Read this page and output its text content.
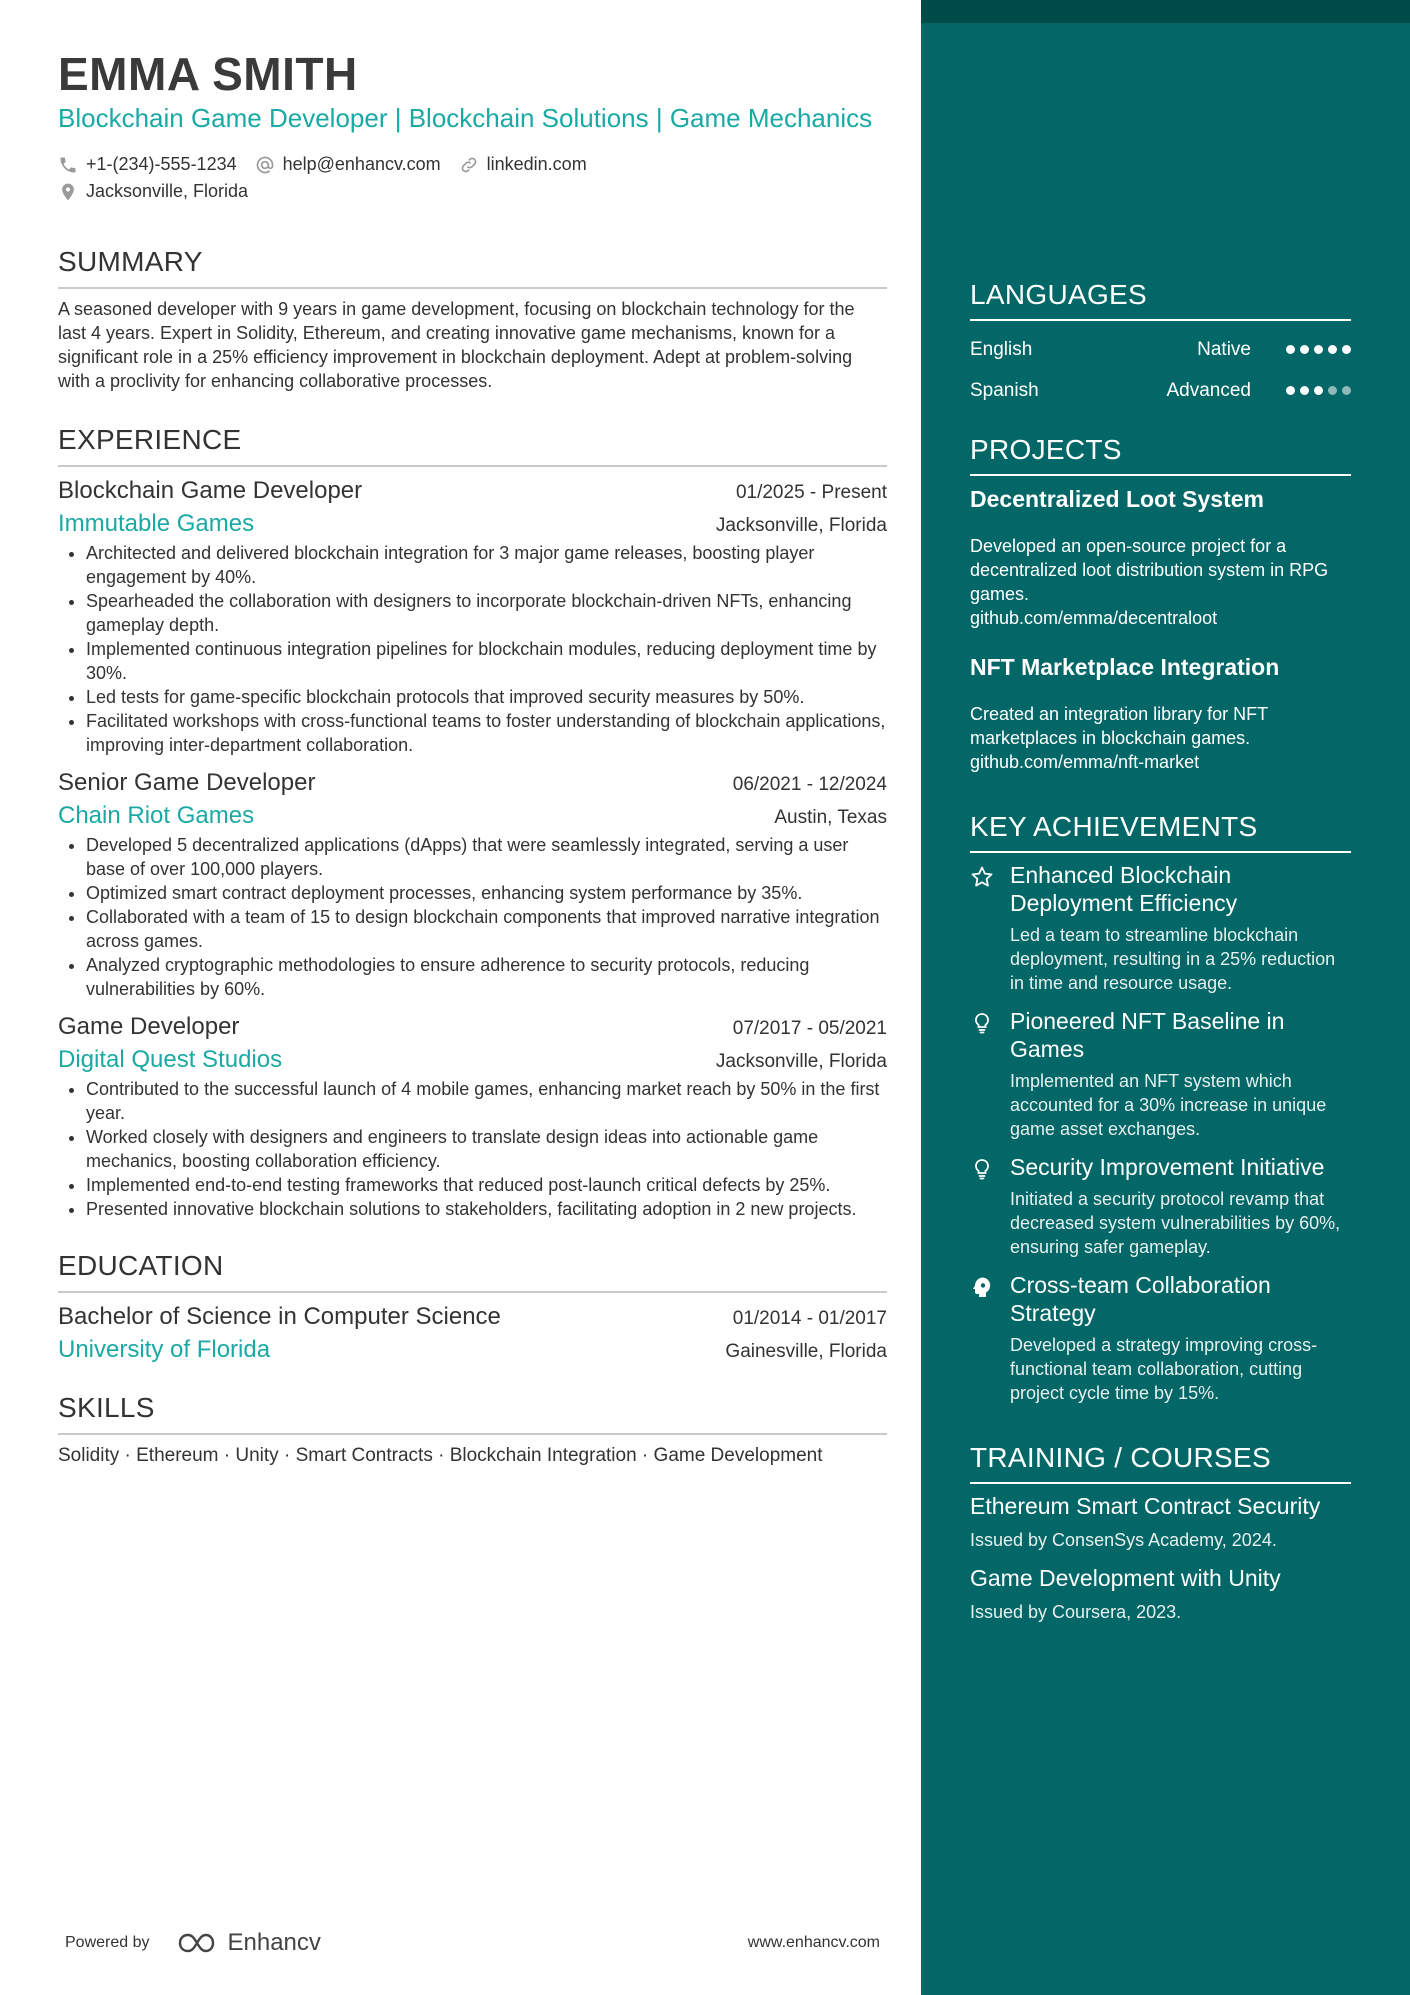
EMMA SMITH
Blockchain Game Developer | Blockchain Solutions | Game Mechanics
+1-(234)-555-1234	help@enhancv.com	linkedin.com
Jacksonville, Florida
SUMMARY
A seasoned developer with 9 years in game development, focusing on blockchain technology for the last 4 years. Expert in Solidity, Ethereum, and creating innovative game mechanisms, known for a significant role in a 25% efficiency improvement in blockchain deployment. Adept at problem-solving with a proclivity for enhancing collaborative processes.
EXPERIENCE
Blockchain Game Developer	01/2025 - Present
Immutable Games	Jacksonville, Florida
• Architected and delivered blockchain integration for 3 major game releases, boosting player engagement by 40%.
• Spearheaded the collaboration with designers to incorporate blockchain-driven NFTs, enhancing gameplay depth.
• Implemented continuous integration pipelines for blockchain modules, reducing deployment time by 30%.
• Led tests for game-specific blockchain protocols that improved security measures by 50%.
• Facilitated workshops with cross-functional teams to foster understanding of blockchain applications, improving inter-department collaboration.
Senior Game Developer	06/2021 - 12/2024
Chain Riot Games	Austin, Texas
• Developed 5 decentralized applications (dApps) that were seamlessly integrated, serving a user base of over 100,000 players.
• Optimized smart contract deployment processes, enhancing system performance by 35%.
• Collaborated with a team of 15 to design blockchain components that improved narrative integration across games.
• Analyzed cryptographic methodologies to ensure adherence to security protocols, reducing vulnerabilities by 60%.
Game Developer	07/2017 - 05/2021
Digital Quest Studios	Jacksonville, Florida
• Contributed to the successful launch of 4 mobile games, enhancing market reach by 50% in the first year.
• Worked closely with designers and engineers to translate design ideas into actionable game mechanics, boosting collaboration efficiency.
• Implemented end-to-end testing frameworks that reduced post-launch critical defects by 25%.
• Presented innovative blockchain solutions to stakeholders, facilitating adoption in 2 new projects.
EDUCATION
Bachelor of Science in Computer Science	01/2014 - 01/2017
University of Florida	Gainesville, Florida
SKILLS
Solidity · Ethereum · Unity · Smart Contracts · Blockchain Integration · Game Development
Powered by	Enhancv	www.enhancv.com
LANGUAGES
English	Native
Spanish	Advanced
PROJECTS
Decentralized Loot System
Developed an open-source project for a decentralized loot distribution system in RPG games.
github.com/emma/decentraloot
NFT Marketplace Integration
Created an integration library for NFT marketplaces in blockchain games.
github.com/emma/nft-market
KEY ACHIEVEMENTS
Enhanced Blockchain Deployment Efficiency
Led a team to streamline blockchain deployment, resulting in a 25% reduction in time and resource usage.
Pioneered NFT Baseline in Games
Implemented an NFT system which accounted for a 30% increase in unique game asset exchanges.
Security Improvement Initiative
Initiated a security protocol revamp that decreased system vulnerabilities by 60%, ensuring safer gameplay.
Cross-team Collaboration Strategy
Developed a strategy improving cross-functional team collaboration, cutting project cycle time by 15%.
TRAINING / COURSES
Ethereum Smart Contract Security
Issued by ConsenSys Academy, 2024.
Game Development with Unity
Issued by Coursera, 2023.
